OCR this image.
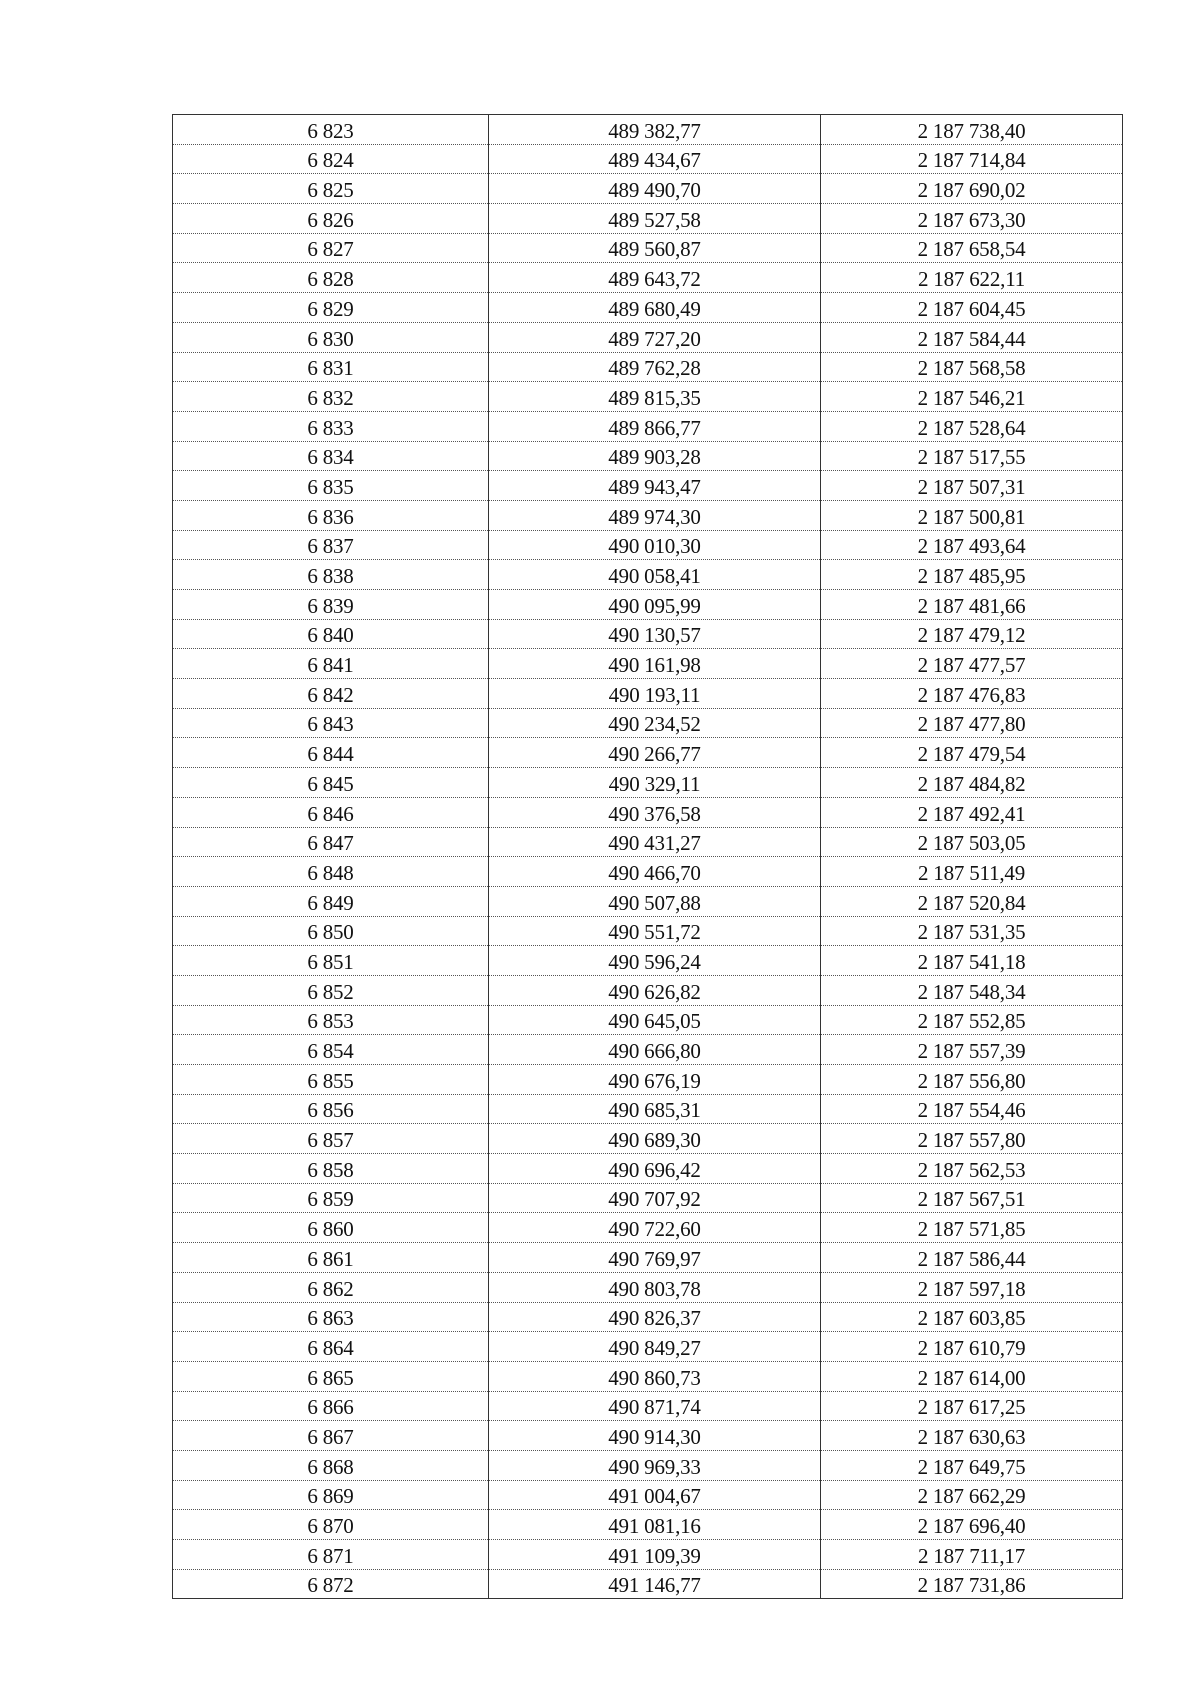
6 823	489 382,77	2 187 738,40
6 824	489 434,67	2 187 714,84
6 825	489 490,70	2 187 690,02
6 826	489 527,58	2 187 673,30
6 827	489 560,87	2 187 658,54
6 828	489 643,72	2 187 622,11
6 829	489 680,49	2 187 604,45
6 830	489 727,20	2 187 584,44
6 831	489 762,28	2 187 568,58
6 832	489 815,35	2 187 546,21
6 833	489 866,77	2 187 528,64
6 834	489 903,28	2 187 517,55
6 835	489 943,47	2 187 507,31
6 836	489 974,30	2 187 500,81
6 837	490 010,30	2 187 493,64
6 838	490 058,41	2 187 485,95
6 839	490 095,99	2 187 481,66
6 840	490 130,57	2 187 479,12
6 841	490 161,98	2 187 477,57
6 842	490 193,11	2 187 476,83
6 843	490 234,52	2 187 477,80
6 844	490 266,77	2 187 479,54
6 845	490 329,11	2 187 484,82
6 846	490 376,58	2 187 492,41
6 847	490 431,27	2 187 503,05
6 848	490 466,70	2 187 511,49
6 849	490 507,88	2 187 520,84
6 850	490 551,72	2 187 531,35
6 851	490 596,24	2 187 541,18
6 852	490 626,82	2 187 548,34
6 853	490 645,05	2 187 552,85
6 854	490 666,80	2 187 557,39
6 855	490 676,19	2 187 556,80
6 856	490 685,31	2 187 554,46
6 857	490 689,30	2 187 557,80
6 858	490 696,42	2 187 562,53
6 859	490 707,92	2 187 567,51
6 860	490 722,60	2 187 571,85
6 861	490 769,97	2 187 586,44
6 862	490 803,78	2 187 597,18
6 863	490 826,37	2 187 603,85
6 864	490 849,27	2 187 610,79
6 865	490 860,73	2 187 614,00
6 866	490 871,74	2 187 617,25
6 867	490 914,30	2 187 630,63
6 868	490 969,33	2 187 649,75
6 869	491 004,67	2 187 662,29
6 870	491 081,16	2 187 696,40
6 871	491 109,39	2 187 711,17
6 872	491 146,77	2 187 731,86
